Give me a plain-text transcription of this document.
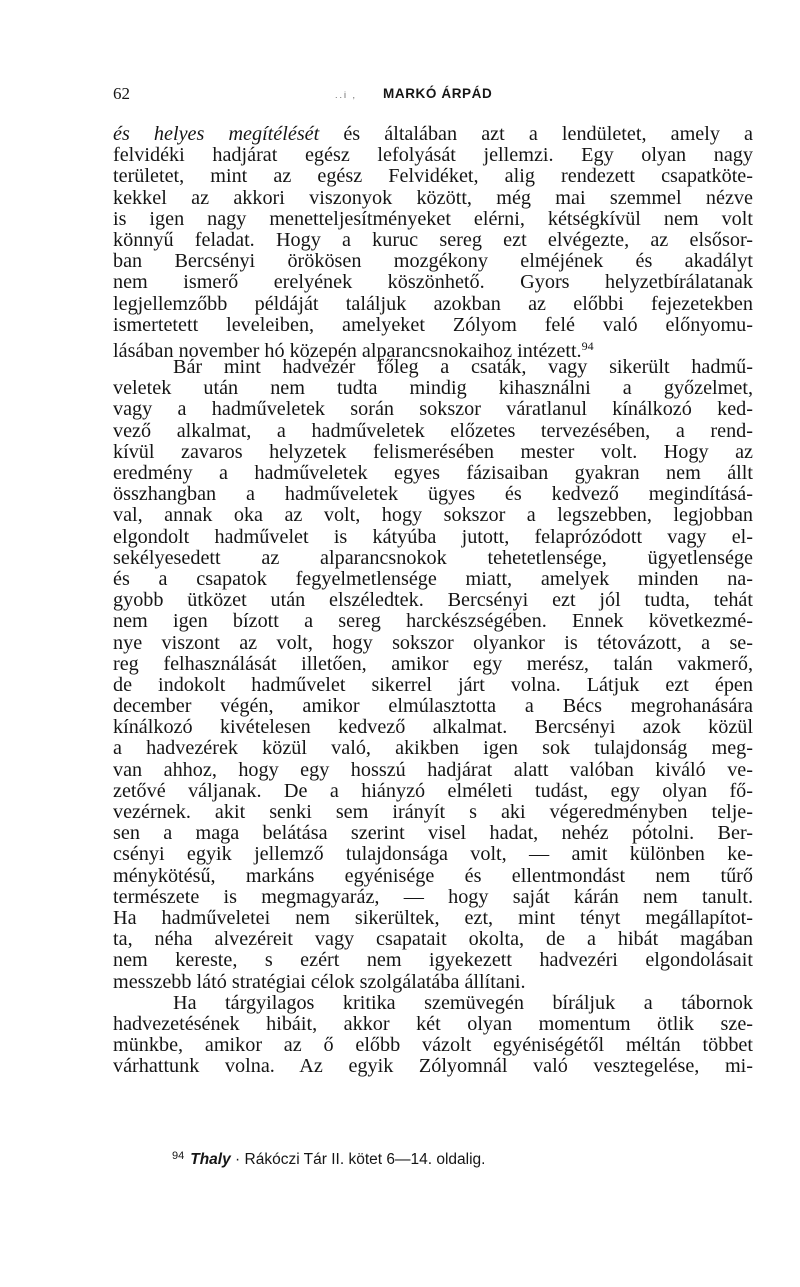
62	..i , MARKÓ ÁRPÁD
és helyes megítélését és általában azt a lendületet, amely a
felvidéki hadjárat egész lefolyását jellemzi. Egy olyan nagy
területet, mint az egész Felvidéket, alig rendezett csapatköte-
kekkel az akkori viszonyok között, még mai szemmel nézve
is igen nagy menetteljesítményeket elérni, kétségkívül nem volt
könnyű feladat. Hogy a kuruc sereg ezt elvégezte, az elsősor-
ban Bercsényi örökösen mozgékony elméjének és akadályt
nem ismerő erelyének köszönhető. Gyors helyzetbírálatanak
legjellemzőbb példáját találjuk azokban az előbbi fejezetekben
ismertetett leveleiben, amelyeket Zólyom felé való előnyomu-
lásában november hó közepén alparancsnokaihoz intézett.$^{94}$
Bár mint hadvezér főleg a csaták, vagy sikerült hadmű-
veletek után nem tudta mindig kihasználni a győzelmet,
vagy a hadműveletek során sokszor váratlanul kínálkozó ked-
vező alkalmat, a hadműveletek előzetes tervezésében, a rend-
kívül zavaros helyzetek felismerésében mester volt. Hogy az
eredmény a hadműveletek egyes fázisaiban gyakran nem állt
összhangban a hadműveletek ügyes és kedvező megindításá-
val, annak oka az volt, hogy sokszor a legszebben, legjobban
elgondolt hadművelet is kátyúba jutott, felaprózódott vagy el-
sekélyesedett az alparancsnokok tehetetlensége, ügyetlensége
és a csapatok fegyelmetlensége miatt, amelyek minden na-
gyobb ütközet után elszéledtek. Bercsényi ezt jól tudta, tehát
nem igen bízott a sereg harckészségében. Ennek következmé-
nye viszont az volt, hogy sokszor olyankor is tétovázott, a se-
reg felhasználását illetően, amikor egy merész, talán vakmerő,
de indokolt hadművelet sikerrel járt volna. Látjuk ezt épen
december végén, amikor elmúlasztotta a Bécs megrohanására
kínálkozó kivételesen kedvező alkalmat. Bercsényi azok közül
a hadvezérek közül való, akikben igen sok tulajdonság meg-
van ahhoz, hogy egy hosszú hadjárat alatt valóban kiváló ve-
zetővé váljanak. De a hiányzó elméleti tudást, egy olyan fő-
vezérnek. akit senki sem irányít s aki végeredményben telje-
sen a maga belátása szerint visel hadat, nehéz pótolni. Ber-
csényi egyik jellemző tulajdonsága volt, — amit különben ke-
ménykötésű, markáns egyénisége és ellentmondást nem tűrő
természete is megmagyaráz, — hogy saját kárán nem tanult.
Ha hadműveletei nem sikerültek, ezt, mint tényt megállapítot-
ta, néha alvezéreit vagy csapatait okolta, de a hibát magában
nem kereste, s ezért nem igyekezett hadvezéri elgondolásait
messzebb látó stratégiai célok szolgálatába állítani.
Ha tárgyilagos kritika szemüvegén bíráljuk a tábornok
hadvezetésének hibáit, akkor két olyan momentum ötlik sze-
münkbe, amikor az ő előbb vázolt egyéniségétől méltán többet
várhattunk volna. Az egyik Zólyomnál való vesztegelése, mi-
$^{94}$ Thaly · Rákóczi Tár II. kötet 6—14. oldalig.
